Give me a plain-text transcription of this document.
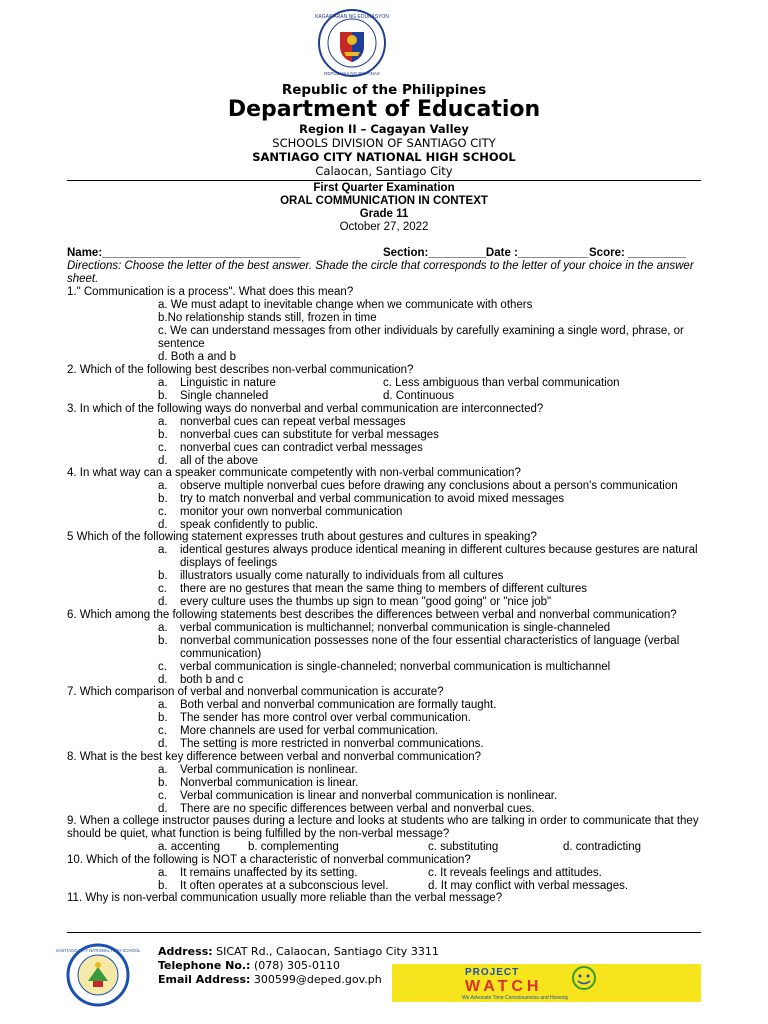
KAGAWARAN NG EDUKASYON
REPUBLIKA NG PILIPINAS
Republic of the Philippines
Department of Education
Region II – Cagayan Valley
SCHOOLS DIVISION OF SANTIAGO CITY
SANTIAGO CITY NATIONAL HIGH SCHOOL
Calaocan, Santiago City
First Quarter Examination
ORAL COMMUNICATION IN CONTEXT
Grade 11
October 27, 2022
Name:_______________________________	Section:_________Date :___________ Score: _________
Directions: Choose the letter of the best answer. Shade the circle that corresponds to the letter of your choice in the answer
sheet.
1." Communication is a process". What does this mean?
a. We must adapt to inevitable change when we communicate with others
b.No relationship stands still, frozen in time
c. We can understand messages from other individuals by carefully examining a single word, phrase, or
sentence
d. Both a and b
2. Which of the following best describes non-verbal communication?
a. Linguistic in nature	c. Less ambiguous than verbal communication
b. Single channeled	d. Continuous
3. In which of the following ways do nonverbal and verbal communication are interconnected?
a. nonverbal cues can repeat verbal messages
b. nonverbal cues can substitute for verbal messages
c. nonverbal cues can contradict verbal messages
d. all of the above
4. In what way can a speaker communicate competently with non-verbal communication?
a. observe multiple nonverbal cues before drawing any conclusions about a person's communication
b. try to match nonverbal and verbal communication to avoid mixed messages
c. monitor your own nonverbal communication
d. speak confidently to public.
5 Which of the following statement expresses truth about gestures and cultures in speaking?
a. identical gestures always produce identical meaning in different cultures because gestures are natural
displays of feelings
b. illustrators usually come naturally to individuals from all cultures
c. there are no gestures that mean the same thing to members of different cultures
d. every culture uses the thumbs up sign to mean "good going" or "nice job"
6. Which among the following statements best describes the differences between verbal and nonverbal communication?
a. verbal communication is multichannel; nonverbal communication is single-channeled
b. nonverbal communication possesses none of the four essential characteristics of language (verbal
communication)
c. verbal communication is single-channeled; nonverbal communication is multichannel
d. both b and c
7. Which comparison of verbal and nonverbal communication is accurate?
a. Both verbal and nonverbal communication are formally taught.
b. The sender has more control over verbal communication.
c. More channels are used for verbal communication.
d. The setting is more restricted in nonverbal communications.
8. What is the best key difference between verbal and nonverbal communication?
a. Verbal communication is nonlinear.
b. Nonverbal communication is linear.
c. Verbal communication is linear and nonverbal communication is nonlinear.
d. There are no specific differences between verbal and nonverbal cues.
9. When a college instructor pauses during a lecture and looks at students who are talking in order to communicate that they
should be quiet, what function is being fulfilled by the non-verbal message?
a. accenting b. complementing	c. substituting	d. contradicting
10. Which of the following is NOT a characteristic of nonverbal communication?
a. It remains unaffected by its setting.	c. It reveals feelings and attitudes.
b. It often operates at a subconscious level.	d. It may conflict with verbal messages.
11. Why is non-verbal communication usually more reliable than the verbal message?
SANTIAGO CITY NATIONAL HIGH SCHOOL Address: SICAT Rd., Calaocan, Santiago City 3311
Telephone No.: (078) 305-0110
Email Address: 300599@deped.gov.ph
PROJECT
WATCH
We Advocate Time Consciousness and Honesty
